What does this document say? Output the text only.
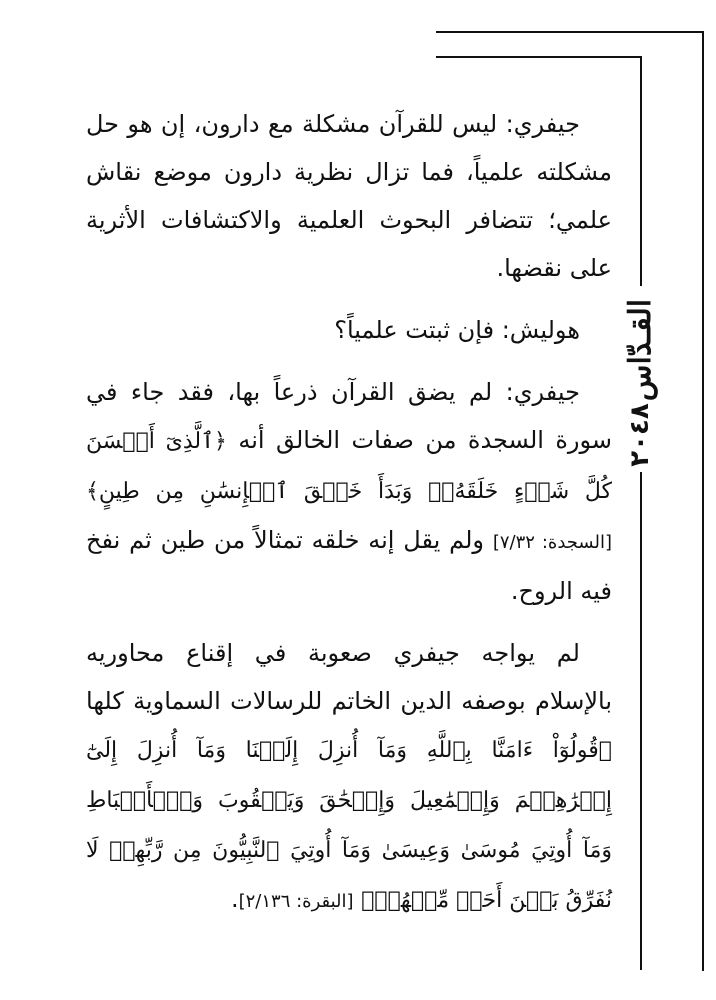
القـدّاس
٢٠٤٨

جيفري: ليس للقرآن مشكلة مع دارون، إن هو حل مشكلته علمياً، فما تزال نظرية دارون موضع نقاش علمي؛ تتضافر البحوث العلمية والاكتشافات الأثرية على نقضها.

هوليش: فإن ثبتت علمياً؟

جيفري: لم يضق القرآن ذرعاً بها، فقد جاء في سورة السجدة من صفات الخالق أنه ﴿ٱلَّذِىٓ أَحۡسَنَ كُلَّ شَىۡءٍ خَلَقَهُۥۖ وَبَدَأَ خَلۡقَ ٱلۡإِنسَٰنِ مِن طِينٍ﴾ [السجدة: ٧/٣٢] ولم يقل إنه خلقه تمثالاً من طين ثم نفخ فيه الروح.

لم يواجه جيفري صعوبة في إقناع محاوريه بالإسلام بوصفه الدين الخاتم للرسالات السماوية كلها ﴿قُولُوٓاْ ءَامَنَّا بِٱللَّهِ وَمَآ أُنزِلَ إِلَيۡنَا وَمَآ أُنزِلَ إِلَىٰٓ إِبۡرَٰهِـۧمَ وَإِسۡمَٰعِيلَ وَإِسۡحَٰقَ وَيَعۡقُوبَ وَٱلۡأَسۡبَاطِ وَمَآ أُوتِيَ مُوسَىٰ وَعِيسَىٰ وَمَآ أُوتِيَ ٱلنَّبِيُّونَ مِن رَّبِّهِمۡ لَا نُفَرِّقُ بَيۡنَ أَحَدٖ مِّنۡهُمۡ﴾ [البقرة: ٢/١٣٦].
